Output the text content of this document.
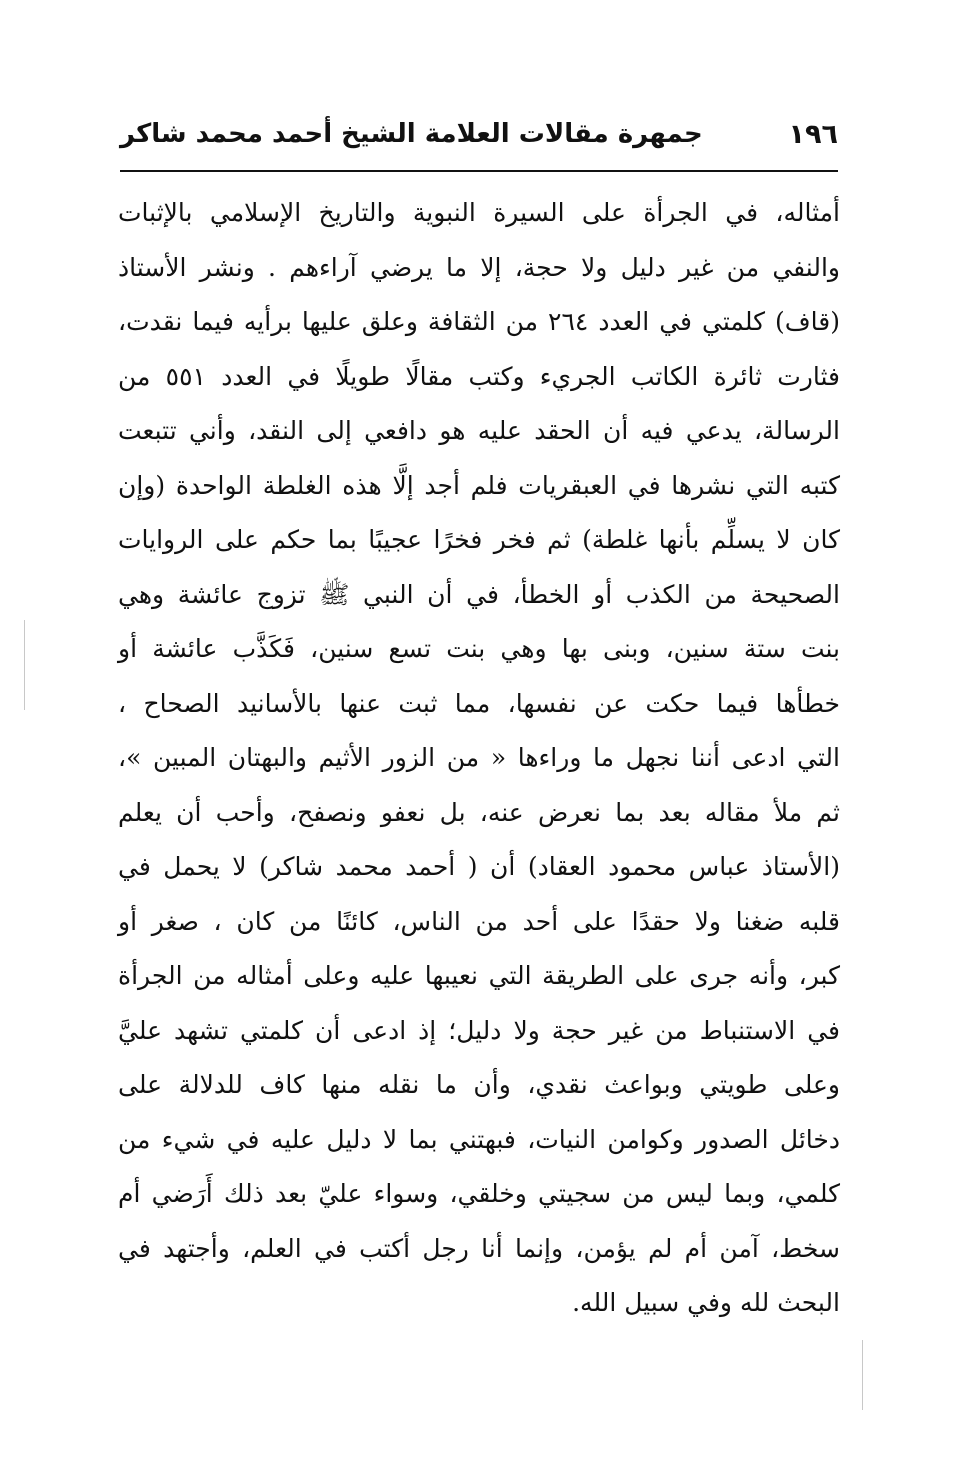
١٩٦
جمهرة مقالات العلامة الشيخ أحمد محمد شاكر
أمثاله، في الجرأة على السيرة النبوية والتاريخ الإسلامي بالإثبات
والنفي من غير دليل ولا حجة، إلا ما يرضي آراءهم . ونشر الأستاذ
(قاف) كلمتي في العدد ٢٦٤ من الثقافة وعلق عليها برأيه فيما نقدت،
فثارت ثائرة الكاتب الجريء وكتب مقالًا طويلًا في العدد ٥٥١ من
الرسالة، يدعي فيه أن الحقد عليه هو دافعي إلى النقد، وأني تتبعت
كتبه التي نشرها في العبقريات فلم أجد إلَّا هذه الغلطة الواحدة (وإن
كان لا يسلِّم بأنها غلطة) ثم فخر فخرًا عجيبًا بما حكم على الروايات
الصحيحة من الكذب أو الخطأ، في أن النبي ﷺ تزوج عائشة وهي
بنت ستة سنين، وبنى بها وهي بنت تسع سنين، فَكَذَّب عائشة أو
خطأها فيما حكت عن نفسها، مما ثبت عنها بالأسانيد الصحاح ،
التي ادعى أننا نجهل ما وراءها « من الزور الأثيم والبهتان المبين »،
ثم ملأ مقاله بعد بما نعرض عنه، بل نعفو ونصفح، وأحب أن يعلم
(الأستاذ عباس محمود العقاد) أن ( أحمد محمد شاكر) لا يحمل في
قلبه ضغنا ولا حقدًا على أحد من الناس، كائنًا من كان ، صغر أو
كبر، وأنه جرى على الطريقة التي نعيبها عليه وعلى أمثاله من الجرأة
في الاستنباط من غير حجة ولا دليل؛ إذ ادعى أن كلمتي تشهد عليَّ
وعلى طويتي وبواعث نقدي، وأن ما نقله منها كاف للدلالة على
دخائل الصدور وكوامن النيات، فبهتني بما لا دليل عليه في شيء من
كلمي، وبما ليس من سجيتي وخلقي، وسواء عليّ بعد ذلك أَرَضي أم
سخط، آمن أم لم يؤمن، وإنما أنا رجل أكتب في العلم، وأجتهد في
البحث لله وفي سبيل الله.
